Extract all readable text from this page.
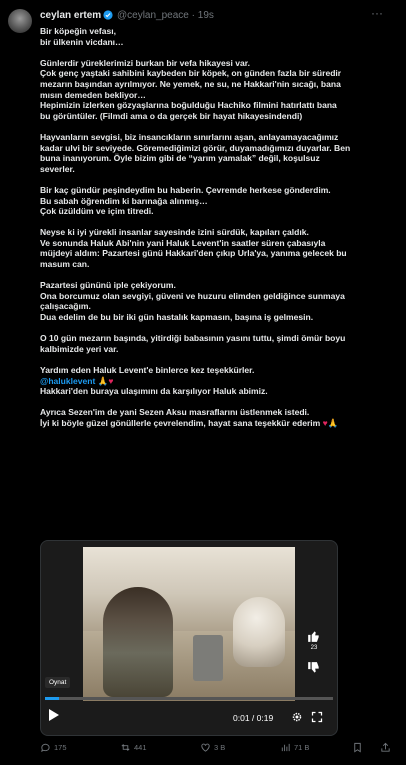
ceylan ertem @ceylan_peace · 19s	···

Bir köpeğin vefası,

bir ülkenin vicdanı…

Günlerdir yüreklerimizi burkan bir vefa hikayesi var.

Çok genç yaştaki sahibini kaybeden bir köpek, on günden fazla bir süredir

mezarın başından ayrılmıyor. Ne yemek, ne su, ne Hakkari'nin sıcağı, bana

mısın demeden bekliyor…

Hepimizin izlerken gözyaşlarına boğulduğu Hachiko filmini hatırlattı bana

bu görüntüler. (Filmdi ama o da gerçek bir hayat hikayesindendi)

Hayvanların sevgisi, biz insancıkların sınırlarını aşan, anlayamayacağımız

kadar ulvi bir seviyede. Göremediğimizi görür, duyamadığımızı duyarlar. Ben

buna inanıyorum. Öyle bizim gibi de “yarım yamalak” değil, koşulsuz

severler.

Bir kaç gündür peşindeydim bu haberin. Çevremde herkese gönderdim.

Bu sabah öğrendim ki barınağa alınmış…

Çok üzüldüm ve içim titredi.

Neyse ki iyi yürekli insanlar sayesinde izini sürdük, kapıları çaldık.

Ve sonunda Haluk Abi'nin yani Haluk Levent'in saatler süren çabasıyla

müjdeyi aldım: Pazartesi günü Hakkari'den çıkıp Urla'ya, yanıma gelecek bu

masum can.

Pazartesi gününü iple çekiyorum.

Ona borcumuz olan sevgiyi, güveni ve huzuru elimden geldiğince sunmaya

çalışacağım.

Dua edelim de bu bir iki gün hastalık kapmasın, başına iş gelmesin.

O 10 gün mezarın başında, yitirdiği babasının yasını tuttu, şimdi ömür boyu

kalbimizde yeri var.

Yardım eden Haluk Levent'e binlerce kez teşekkürler.

@haluklevent 🙏♥

Hakkari'den buraya ulaşımını da karşılıyor Haluk abimiz.

Ayrıca Sezen'im de yani Sezen Aksu masraflarını üstlenmek istedi.

İyi ki böyle güzel gönüllerle çevrelendim, hayat sana teşekkür ederim ♥🙏

23
Oynat
0:01 / 0:19
175	441	3 B	71 B
